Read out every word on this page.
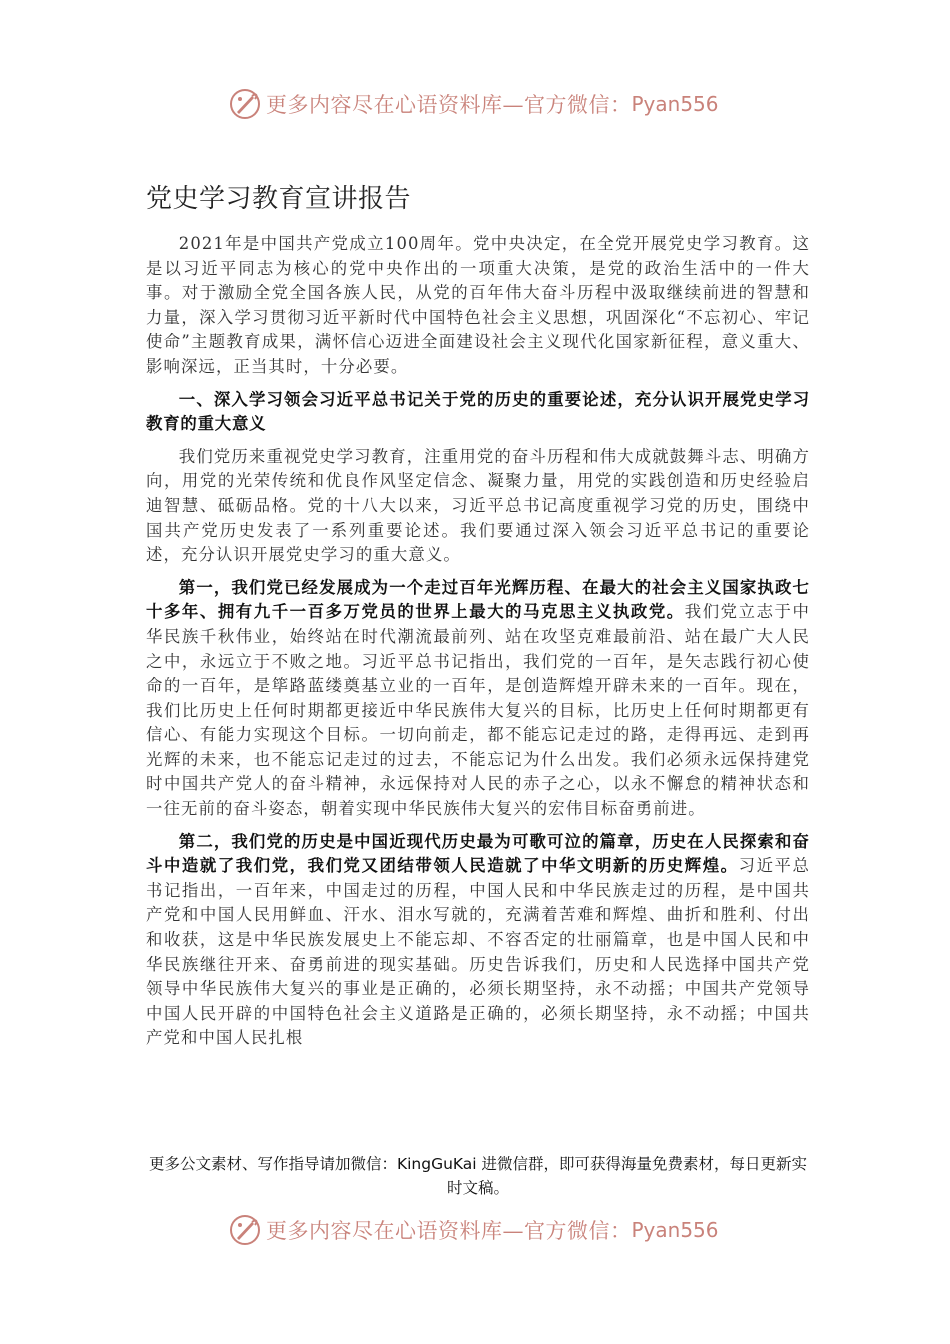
更多内容尽在心语资料库—官方微信： Pyan556
党史学习教育宣讲报告

2021年是中国共产党成立100周年。党中央决定，在全党开展党史学习教育。这是以习近平同志为核心的党中央作出的一项重大决策，是党的政治生活中的一件大事。对于激励全党全国各族人民，从党的百年伟大奋斗历程中汲取继续前进的智慧和力量，深入学习贯彻习近平新时代中国特色社会主义思想，巩固深化“不忘初心、牢记使命”主题教育成果，满怀信心迈进全面建设社会主义现代化国家新征程，意义重大、影响深远，正当其时，十分必要。

一、深入学习领会习近平总书记关于党的历史的重要论述，充分认识开展党史学习教育的重大意义

我们党历来重视党史学习教育，注重用党的奋斗历程和伟大成就鼓舞斗志、明确方向，用党的光荣传统和优良作风坚定信念、凝聚力量，用党的实践创造和历史经验启迪智慧、砥砺品格。党的十八大以来，习近平总书记高度重视学习党的历史，围绕中国共产党历史发表了一系列重要论述。我们要通过深入领会习近平总书记的重要论述，充分认识开展党史学习的重大意义。

第一，我们党已经发展成为一个走过百年光辉历程、在最大的社会主义国家执政七十多年、拥有九千一百多万党员的世界上最大的马克思主义执政党。我们党立志于中华民族千秋伟业，始终站在时代潮流最前列、站在攻坚克难最前沿、站在最广大人民之中，永远立于不败之地。习近平总书记指出，我们党的一百年，是矢志践行初心使命的一百年，是筚路蓝缕奠基立业的一百年，是创造辉煌开辟未来的一百年。现在，我们比历史上任何时期都更接近中华民族伟大复兴的目标，比历史上任何时期都更有信心、有能力实现这个目标。一切向前走，都不能忘记走过的路，走得再远、走到再光辉的未来，也不能忘记走过的过去，不能忘记为什么出发。我们必须永远保持建党时中国共产党人的奋斗精神，永远保持对人民的赤子之心，以永不懈怠的精神状态和一往无前的奋斗姿态，朝着实现中华民族伟大复兴的宏伟目标奋勇前进。

第二，我们党的历史是中国近现代历史最为可歌可泣的篇章，历史在人民探索和奋斗中造就了我们党，我们党又团结带领人民造就了中华文明新的历史辉煌。习近平总书记指出，一百年来，中国走过的历程，中国人民和中华民族走过的历程，是中国共产党和中国人民用鲜血、汗水、泪水写就的，充满着苦难和辉煌、曲折和胜利、付出和收获，这是中华民族发展史上不能忘却、不容否定的壮丽篇章，也是中国人民和中华民族继往开来、奋勇前进的现实基础。历史告诉我们，历史和人民选择中国共产党领导中华民族伟大复兴的事业是正确的，必须长期坚持，永不动摇；中国共产党领导中国人民开辟的中国特色社会主义道路是正确的，必须长期坚持，永不动摇；中国共产党和中国人民扎根

更多公文素材、写作指导请加微信：KingGuKai 进微信群，即可获得海量免费素材，每日更新实时文稿。
更多内容尽在心语资料库—官方微信： Pyan556
